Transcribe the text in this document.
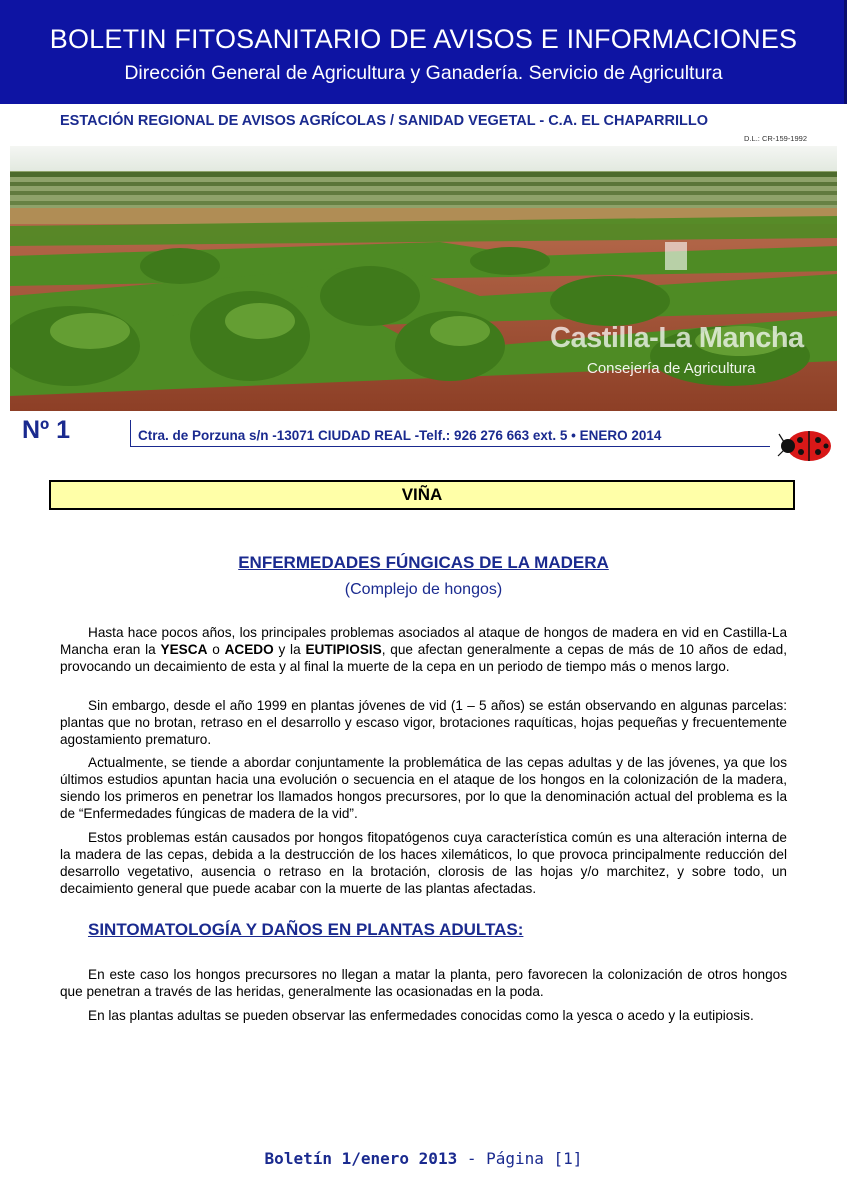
BOLETIN FITOSANITARIO DE AVISOS E INFORMACIONES
Dirección General de Agricultura y Ganadería. Servicio de Agricultura
ESTACIÓN REGIONAL DE AVISOS AGRÍCOLAS / SANIDAD VEGETAL - C.A. EL CHAPARRILLO
D.L.: CR-159-1992
Castilla-La Mancha
Consejería de Agricultura
Nº 1	Ctra. de Porzuna s/n -13071 CIUDAD REAL -Telf.: 926 276 663 ext. 5 • ENERO 2014
VIÑA
ENFERMEDADES FÚNGICAS DE LA MADERA
(Complejo de hongos)

Hasta hace pocos años, los principales problemas asociados al ataque de hongos de madera en vid en Castilla-La Mancha eran la YESCA o ACEDO y la EUTIPIOSIS, que afectan generalmente a cepas de más de 10 años de edad, provocando un decaimiento de esta y al final la muerte de la cepa en un periodo de tiempo más o menos largo.

Sin embargo, desde el año 1999 en plantas jóvenes de vid (1 – 5 años) se están observando en algunas parcelas: plantas que no brotan, retraso en el desarrollo y escaso vigor, brotaciones raquíticas, hojas pequeñas y frecuentemente agostamiento prematuro.

Actualmente, se tiende a abordar conjuntamente la problemática de las cepas adultas y de las jóvenes, ya que los últimos estudios apuntan hacia una evolución o secuencia en el ataque de los hongos en la colonización de la madera, siendo los primeros en penetrar los llamados hongos precursores, por lo que la denominación actual del problema es la de “Enfermedades fúngicas de madera de la vid”.

Estos problemas están causados por hongos fitopatógenos cuya característica común es una alteración interna de la madera de las cepas, debida a la destrucción de los haces xilemáticos, lo que provoca principalmente reducción del desarrollo vegetativo, ausencia o retraso en la brotación, clorosis de las hojas y/o marchitez, y sobre todo, un decaimiento general que puede acabar con la muerte de las plantas afectadas.

SINTOMATOLOGÍA Y DAÑOS EN PLANTAS ADULTAS:

En este caso los hongos precursores no llegan a matar la planta, pero favorecen la colonización de otros hongos que penetran a través de las heridas, generalmente las ocasionadas en la poda.

En las plantas adultas se pueden observar las enfermedades conocidas como la yesca o acedo y la eutipiosis.

Boletín 1/enero 2013 - Página [1]
